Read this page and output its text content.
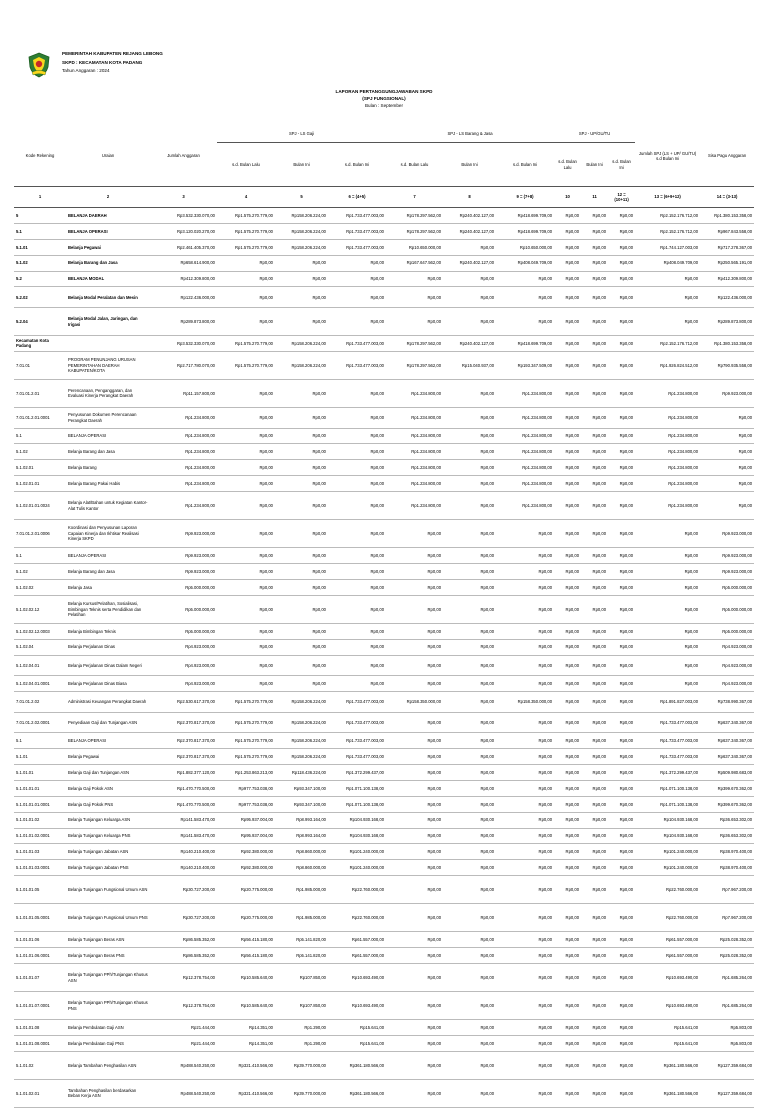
PEMERINTAH KABUPATEN REJANG LEBONG
SKPD : KECAMATAN KOTA PADANG
Tahun Anggaran : 2024
LAPORAN PERTANGGUNGJAWABAN SKPD
(SPJ FUNGSIONAL)
Bulan : September
Kode Rekening	Uraian	Jumlah Anggaran	SPJ - LS Gaji			SPJ - LS Barang & Jasa			SPJ - UP/GU/TU			Jumlah SPJ (LS + UP/ GU/TU) s.d Bulan Ini	Sisa Pagu Anggaran
			s.d. Bulan Lalu	Bulan Ini	s.d. Bulan Ini	s.d. Bulan Lalu	Bulan Ini	s.d. Bulan Ini	s.d. Bulan Lalu	Bulan Ini	s.d. Bulan Ini		
1	2	3	4	5	6 = (4+5)	7	8	9 = (7+8)	10	11	12 = (10+11)	13 = (6+9+12)	14 = (3-13)
5	BELANJA DAERAH	Rp3.532.330.070,00	Rp1.575.270.779,00	Rp158.206.224,00	Rp1.733.477.003,00	Rp178.297.562,00	Rp240.402.127,00	Rp418.699.709,00	Rp0,00	Rp0,00	Rp0,00	Rp2.152.176.712,00	Rp1.380.153.358,00
5.1	BELANJA OPERASI	Rp3.120.020.270,00	Rp1.575.270.779,00	Rp158.206.224,00	Rp1.733.477.003,00	Rp178.297.562,00	Rp240.402.127,00	Rp418.699.709,00	Rp0,00	Rp0,00	Rp0,00	Rp2.152.176.712,00	Rp967.843.558,00
5.1.01	Belanja Pegawai	Rp2.461.405.370,00	Rp1.575.270.779,00	Rp158.206.224,00	Rp1.733.477.003,00	Rp10.650.000,00	Rp0,00	Rp10.650.000,00	Rp0,00	Rp0,00	Rp0,00	Rp1.744.127.003,00	Rp717.278.367,00
5.1.02	Belanja Barang dan Jasa	Rp658.614.900,00	Rp0,00	Rp0,00	Rp0,00	Rp167.647.562,00	Rp240.402.127,00	Rp408.049.709,00	Rp0,00	Rp0,00	Rp0,00	Rp408.049.709,00	Rp250.565.191,00
5.2	BELANJA MODAL	Rp412.309.800,00	Rp0,00	Rp0,00	Rp0,00	Rp0,00	Rp0,00	Rp0,00	Rp0,00	Rp0,00	Rp0,00	Rp0,00	Rp412.309.800,00
5.2.02	Belanja Modal Peralatan dan Mesin	Rp122.436.000,00	Rp0,00	Rp0,00	Rp0,00	Rp0,00	Rp0,00	Rp0,00	Rp0,00	Rp0,00	Rp0,00	Rp0,00	Rp122.436.000,00
5.2.04	Belanja Modal Jalan, Jaringan, dan Irigasi	Rp289.873.800,00	Rp0,00	Rp0,00	Rp0,00	Rp0,00	Rp0,00	Rp0,00	Rp0,00	Rp0,00	Rp0,00	Rp0,00	Rp289.873.800,00
Kecamatan Kota Padang		Rp3.532.330.070,00	Rp1.575.270.779,00	Rp158.206.224,00	Rp1.733.477.003,00	Rp178.297.562,00	Rp240.402.127,00	Rp418.699.709,00	Rp0,00	Rp0,00	Rp0,00	Rp2.152.176.712,00	Rp1.380.153.358,00
7.01.01	PROGRAM PENUNJANG URUSAN PEMERINTAHAN DAERAH KABUPATEN/KOTA	Rp2.717.780.070,00	Rp1.575.270.779,00	Rp158.206.224,00	Rp1.733.477.003,00	Rp178.297.562,00	Rp15.040.937,00	Rp193.347.509,00	Rp0,00	Rp0,00	Rp0,00	Rp1.926.824.512,00	Rp790.935.558,00
7.01.01.2.01	Perencanaan, Penganggaran, dan Evaluasi Kinerja Perangkat Daerah	Rp11.157.800,00	Rp0,00	Rp0,00	Rp0,00	Rp1.234.800,00	Rp0,00	Rp1.234.800,00	Rp0,00	Rp0,00	Rp0,00	Rp1.234.800,00	Rp9.923.000,00
7.01.01.2.01.0001	Penyusunan Dokumen Perencanaan Perangkat Daerah	Rp1.234.800,00	Rp0,00	Rp0,00	Rp0,00	Rp1.234.800,00	Rp0,00	Rp1.234.800,00	Rp0,00	Rp0,00	Rp0,00	Rp1.234.800,00	Rp0,00
5.1	BELANJA OPERASI	Rp1.234.800,00	Rp0,00	Rp0,00	Rp0,00	Rp1.234.800,00	Rp0,00	Rp1.234.800,00	Rp0,00	Rp0,00	Rp0,00	Rp1.234.800,00	Rp0,00
5.1.02	Belanja Barang dan Jasa	Rp1.234.800,00	Rp0,00	Rp0,00	Rp0,00	Rp1.234.800,00	Rp0,00	Rp1.234.800,00	Rp0,00	Rp0,00	Rp0,00	Rp1.234.800,00	Rp0,00
5.1.02.01	Belanja Barang	Rp1.234.800,00	Rp0,00	Rp0,00	Rp0,00	Rp1.234.800,00	Rp0,00	Rp1.234.800,00	Rp0,00	Rp0,00	Rp0,00	Rp1.234.800,00	Rp0,00
5.1.02.01.01	Belanja Barang Pakai Habis	Rp1.234.800,00	Rp0,00	Rp0,00	Rp0,00	Rp1.234.800,00	Rp0,00	Rp1.234.800,00	Rp0,00	Rp0,00	Rp0,00	Rp1.234.800,00	Rp0,00
5.1.02.01.01.0024	Belanja Alat/Bahan untuk Kegiatan Kantor-Alat Tulis Kantor	Rp1.234.800,00	Rp0,00	Rp0,00	Rp0,00	Rp1.234.800,00	Rp0,00	Rp1.234.800,00	Rp0,00	Rp0,00	Rp0,00	Rp1.234.800,00	Rp0,00
7.01.01.2.01.0006	Koordinasi dan Penyusunan Laporan Capaian Kinerja dan Ikhtisar Realisasi Kinerja SKPD	Rp9.923.000,00	Rp0,00	Rp0,00	Rp0,00	Rp0,00	Rp0,00	Rp0,00	Rp0,00	Rp0,00	Rp0,00	Rp0,00	Rp9.923.000,00
5.1	BELANJA OPERASI	Rp9.923.000,00	Rp0,00	Rp0,00	Rp0,00	Rp0,00	Rp0,00	Rp0,00	Rp0,00	Rp0,00	Rp0,00	Rp0,00	Rp9.923.000,00
5.1.02	Belanja Barang dan Jasa	Rp9.923.000,00	Rp0,00	Rp0,00	Rp0,00	Rp0,00	Rp0,00	Rp0,00	Rp0,00	Rp0,00	Rp0,00	Rp0,00	Rp9.923.000,00
5.1.02.02	Belanja Jasa	Rp5.000.000,00	Rp0,00	Rp0,00	Rp0,00	Rp0,00	Rp0,00	Rp0,00	Rp0,00	Rp0,00	Rp0,00	Rp0,00	Rp5.000.000,00
5.1.02.02.12	Belanja Kursus/Pelatihan, Sosialisasi, Bimbingan Teknis serta Pendidikan dan Pelatihan	Rp5.000.000,00	Rp0,00	Rp0,00	Rp0,00	Rp0,00	Rp0,00	Rp0,00	Rp0,00	Rp0,00	Rp0,00	Rp0,00	Rp5.000.000,00
5.1.02.02.12.0003	Belanja Bimbingan Teknis	Rp5.000.000,00	Rp0,00	Rp0,00	Rp0,00	Rp0,00	Rp0,00	Rp0,00	Rp0,00	Rp0,00	Rp0,00	Rp0,00	Rp5.000.000,00
5.1.02.04	Belanja Perjalanan Dinas	Rp4.923.000,00	Rp0,00	Rp0,00	Rp0,00	Rp0,00	Rp0,00	Rp0,00	Rp0,00	Rp0,00	Rp0,00	Rp0,00	Rp4.923.000,00
5.1.02.04.01	Belanja Perjalanan Dinas Dalam Negeri	Rp4.923.000,00	Rp0,00	Rp0,00	Rp0,00	Rp0,00	Rp0,00	Rp0,00	Rp0,00	Rp0,00	Rp0,00	Rp0,00	Rp4.923.000,00
5.1.02.04.01.0001	Belanja Perjalanan Dinas Biasa	Rp4.923.000,00	Rp0,00	Rp0,00	Rp0,00	Rp0,00	Rp0,00	Rp0,00	Rp0,00	Rp0,00	Rp0,00	Rp0,00	Rp4.923.000,00
7.01.01.2.02	Administrasi Keuangan Perangkat Daerah	Rp2.530.617.370,00	Rp1.575.270.779,00	Rp158.206.224,00	Rp1.733.477.003,00	Rp158.350.000,00	Rp0,00	Rp158.350.000,00	Rp0,00	Rp0,00	Rp0,00	Rp1.891.827.003,00	Rp738.990.367,00
7.01.01.2.02.0001	Penyediaan Gaji dan Tunjangan ASN	Rp2.370.817.370,00	Rp1.575.270.779,00	Rp158.206.224,00	Rp1.733.477.003,00	Rp0,00	Rp0,00	Rp0,00	Rp0,00	Rp0,00	Rp0,00	Rp1.733.477.003,00	Rp637.340.367,00
5.1	BELANJA OPERASI	Rp2.370.817.370,00	Rp1.575.270.779,00	Rp158.206.224,00	Rp1.733.477.003,00	Rp0,00	Rp0,00	Rp0,00	Rp0,00	Rp0,00	Rp0,00	Rp1.733.477.003,00	Rp637.340.367,00
5.1.01	Belanja Pegawai	Rp2.370.817.370,00	Rp1.575.270.779,00	Rp158.206.224,00	Rp1.733.477.003,00	Rp0,00	Rp0,00	Rp0,00	Rp0,00	Rp0,00	Rp0,00	Rp1.733.477.003,00	Rp637.340.367,00
5.1.01.01	Belanja Gaji dan Tunjangan ASN	Rp1.882.377.120,00	Rp1.253.863.213,00	Rp118.436.224,00	Rp1.372.299.437,00	Rp0,00	Rp0,00	Rp0,00	Rp0,00	Rp0,00	Rp0,00	Rp1.372.299.437,00	Rp509.980.683,00
5.1.01.01.01	Belanja Gaji Pokok ASN	Rp1.470.770.500,00	Rp977.753.038,00	Rp93.347.100,00	Rp1.071.100.138,00	Rp0,00	Rp0,00	Rp0,00	Rp0,00	Rp0,00	Rp0,00	Rp1.071.100.138,00	Rp399.670.362,00
5.1.01.01.01.0001	Belanja Gaji Pokok PNS	Rp1.470.770.500,00	Rp977.753.038,00	Rp93.347.100,00	Rp1.071.100.138,00	Rp0,00	Rp0,00	Rp0,00	Rp0,00	Rp0,00	Rp0,00	Rp1.071.100.138,00	Rp399.670.362,00
5.1.01.01.02	Belanja Tunjangan Keluarga ASN	Rp141.583.470,00	Rp95.937.004,00	Rp8.993.164,00	Rp104.930.168,00	Rp0,00	Rp0,00	Rp0,00	Rp0,00	Rp0,00	Rp0,00	Rp104.930.168,00	Rp36.653.302,00
5.1.01.01.02.0001	Belanja Tunjangan Keluarga PNS	Rp141.583.470,00	Rp95.937.004,00	Rp8.993.164,00	Rp104.930.168,00	Rp0,00	Rp0,00	Rp0,00	Rp0,00	Rp0,00	Rp0,00	Rp104.930.168,00	Rp36.653.302,00
5.1.01.01.03	Belanja Tunjangan Jabatan ASN	Rp140.210.400,00	Rp92.380.000,00	Rp8.860.000,00	Rp101.240.000,00	Rp0,00	Rp0,00	Rp0,00	Rp0,00	Rp0,00	Rp0,00	Rp101.240.000,00	Rp38.970.400,00
5.1.01.01.03.0001	Belanja Tunjangan Jabatan PNS	Rp140.210.400,00	Rp92.380.000,00	Rp8.860.000,00	Rp101.240.000,00	Rp0,00	Rp0,00	Rp0,00	Rp0,00	Rp0,00	Rp0,00	Rp101.240.000,00	Rp38.970.400,00
5.1.01.01.05	Belanja Tunjangan Fungsional Umum ASN	Rp30.727.200,00	Rp20.775.000,00	Rp1.985.000,00	Rp22.760.000,00	Rp0,00	Rp0,00	Rp0,00	Rp0,00	Rp0,00	Rp0,00	Rp22.760.000,00	Rp7.967.200,00
5.1.01.01.05.0001	Belanja Tunjangan Fungsional Umum PNS	Rp30.727.200,00	Rp20.775.000,00	Rp1.985.000,00	Rp22.760.000,00	Rp0,00	Rp0,00	Rp0,00	Rp0,00	Rp0,00	Rp0,00	Rp22.760.000,00	Rp7.967.200,00
5.1.01.01.06	Belanja Tunjangan Beras ASN	Rp86.585.352,00	Rp56.415.180,00	Rp5.141.820,00	Rp61.557.000,00	Rp0,00	Rp0,00	Rp0,00	Rp0,00	Rp0,00	Rp0,00	Rp61.557.000,00	Rp25.028.352,00
5.1.01.01.06.0001	Belanja Tunjangan Beras PNS	Rp86.585.352,00	Rp56.415.180,00	Rp5.141.820,00	Rp61.557.000,00	Rp0,00	Rp0,00	Rp0,00	Rp0,00	Rp0,00	Rp0,00	Rp61.557.000,00	Rp25.028.352,00
5.1.01.01.07	Belanja Tunjangan PPh/Tunjangan Khusus ASN	Rp12.378.754,00	Rp10.585.640,00	Rp107.850,00	Rp10.693.490,00	Rp0,00	Rp0,00	Rp0,00	Rp0,00	Rp0,00	Rp0,00	Rp10.693.490,00	Rp1.685.264,00
5.1.01.01.07.0001	Belanja Tunjangan PPh/Tunjangan Khusus PNS	Rp12.378.754,00	Rp10.585.640,00	Rp107.850,00	Rp10.693.490,00	Rp0,00	Rp0,00	Rp0,00	Rp0,00	Rp0,00	Rp0,00	Rp10.693.490,00	Rp1.685.264,00
5.1.01.01.08	Belanja Pembulatan Gaji ASN	Rp21.444,00	Rp14.351,00	Rp1.290,00	Rp15.641,00	Rp0,00	Rp0,00	Rp0,00	Rp0,00	Rp0,00	Rp0,00	Rp15.641,00	Rp5.803,00
5.1.01.01.08.0001	Belanja Pembulatan Gaji PNS	Rp21.444,00	Rp14.351,00	Rp1.290,00	Rp15.641,00	Rp0,00	Rp0,00	Rp0,00	Rp0,00	Rp0,00	Rp0,00	Rp15.641,00	Rp5.803,00
5.1.01.02	Belanja Tambahan Penghasilan ASN	Rp488.540.250,00	Rp321.410.566,00	Rp39.770.000,00	Rp361.180.566,00	Rp0,00	Rp0,00	Rp0,00	Rp0,00	Rp0,00	Rp0,00	Rp361.180.566,00	Rp127.359.684,00
5.1.01.02.01	Tambahan Penghasilan berdasarkan Beban Kerja ASN	Rp488.540.250,00	Rp321.410.566,00	Rp39.770.000,00	Rp361.180.566,00	Rp0,00	Rp0,00	Rp0,00	Rp0,00	Rp0,00	Rp0,00	Rp361.180.566,00	Rp127.359.684,00
